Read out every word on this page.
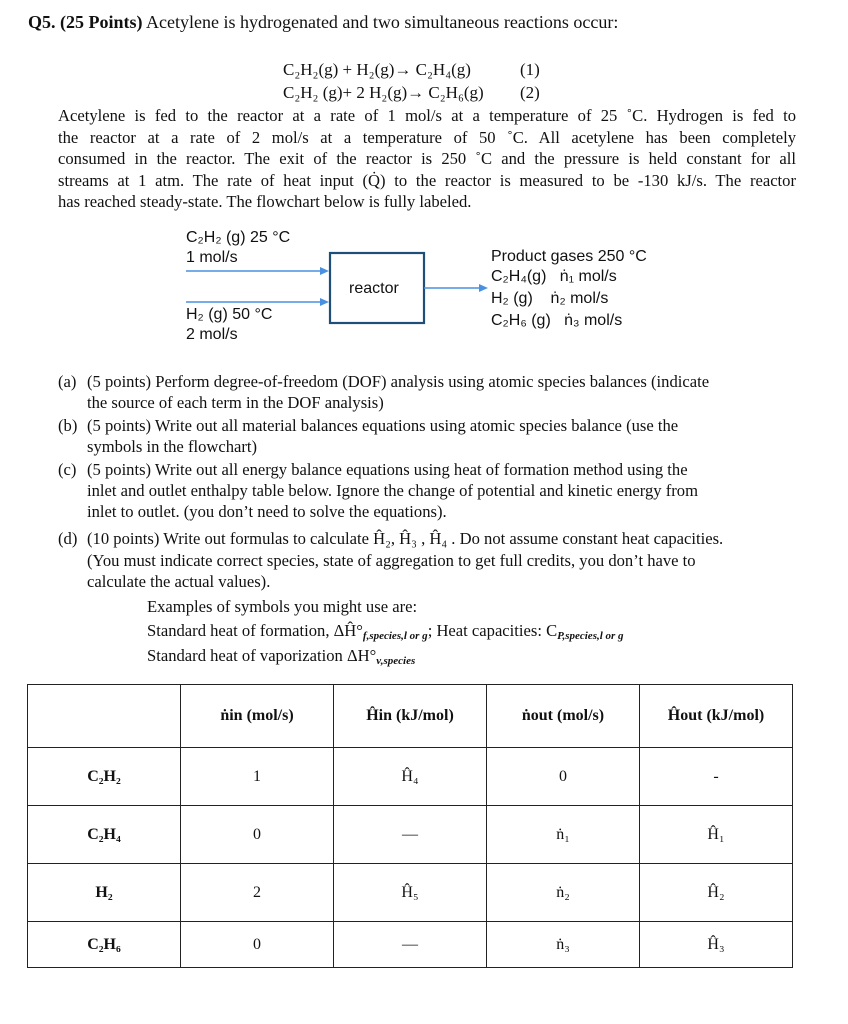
Q5. (25 Points) Acetylene is hydrogenated and two simultaneous reactions occur:
C₂H₂(g) + H₂(g)→ C₂H₄(g)	(1)
C₂H₂ (g)+ 2 H₂(g)→ C₂H₆(g) (2)
Acetylene is fed to the reactor at a rate of 1 mol/s at a temperature of 25 ˚C. Hydrogen is fed to
the reactor at a rate of 2 mol/s at a temperature of 50 ˚C. All acetylene has been completely
consumed in the reactor. The exit of the reactor is 250 ˚C and the pressure is held constant for all
streams at 1 atm. The rate of heat input (Q̇) to the reactor is measured to be -130 kJ/s. The reactor
has reached steady-state. The flowchart below is fully labeled.
C₂H₂ (g) 25 °C
1 mol/s
H₂ (g) 50 °C
2 mol/s
reactor
Product gases 250 °C
C₂H₄(g)   ṅ₁ mol/s
H₂ (g)    ṅ₂ mol/s
C₂H₆ (g)   ṅ₃ mol/s
(a) (5 points) Perform degree-of-freedom (DOF) analysis using atomic species balances (indicate
the source of each term in the DOF analysis)
(b) (5 points) Write out all material balances equations using atomic species balance (use the
symbols in the flowchart)
(c) (5 points) Write out all energy balance equations using heat of formation method using the
inlet and outlet enthalpy table below. Ignore the change of potential and kinetic energy from
inlet to outlet. (you don’t need to solve the equations).
(d) (10 points) Write out formulas to calculate Ĥ₂, Ĥ₃ , Ĥ₄ . Do not assume constant heat capacities.
(You must indicate correct species, state of aggregation to get full credits, you don’t have to
calculate the actual values).
Examples of symbols you might use are:
Standard heat of formation, $\Delta Ĥ^\circ_{f,species,l or g}$; Heat capacities: $C_{P,species,l or g}$
Standard heat of vaporization $\Delta H^\circ_{v,species}$
	ṅin (mol/s)	Ĥin (kJ/mol)	ṅout (mol/s)	Ĥout (kJ/mol)
C₂H₂	1	Ĥ₄	0	-
C₂H₄	0	—	ṅ₁	Ĥ₁
H₂	2	Ĥ₅	ṅ₂	Ĥ₂
C₂H₆	0	—	ṅ₃	Ĥ₃
